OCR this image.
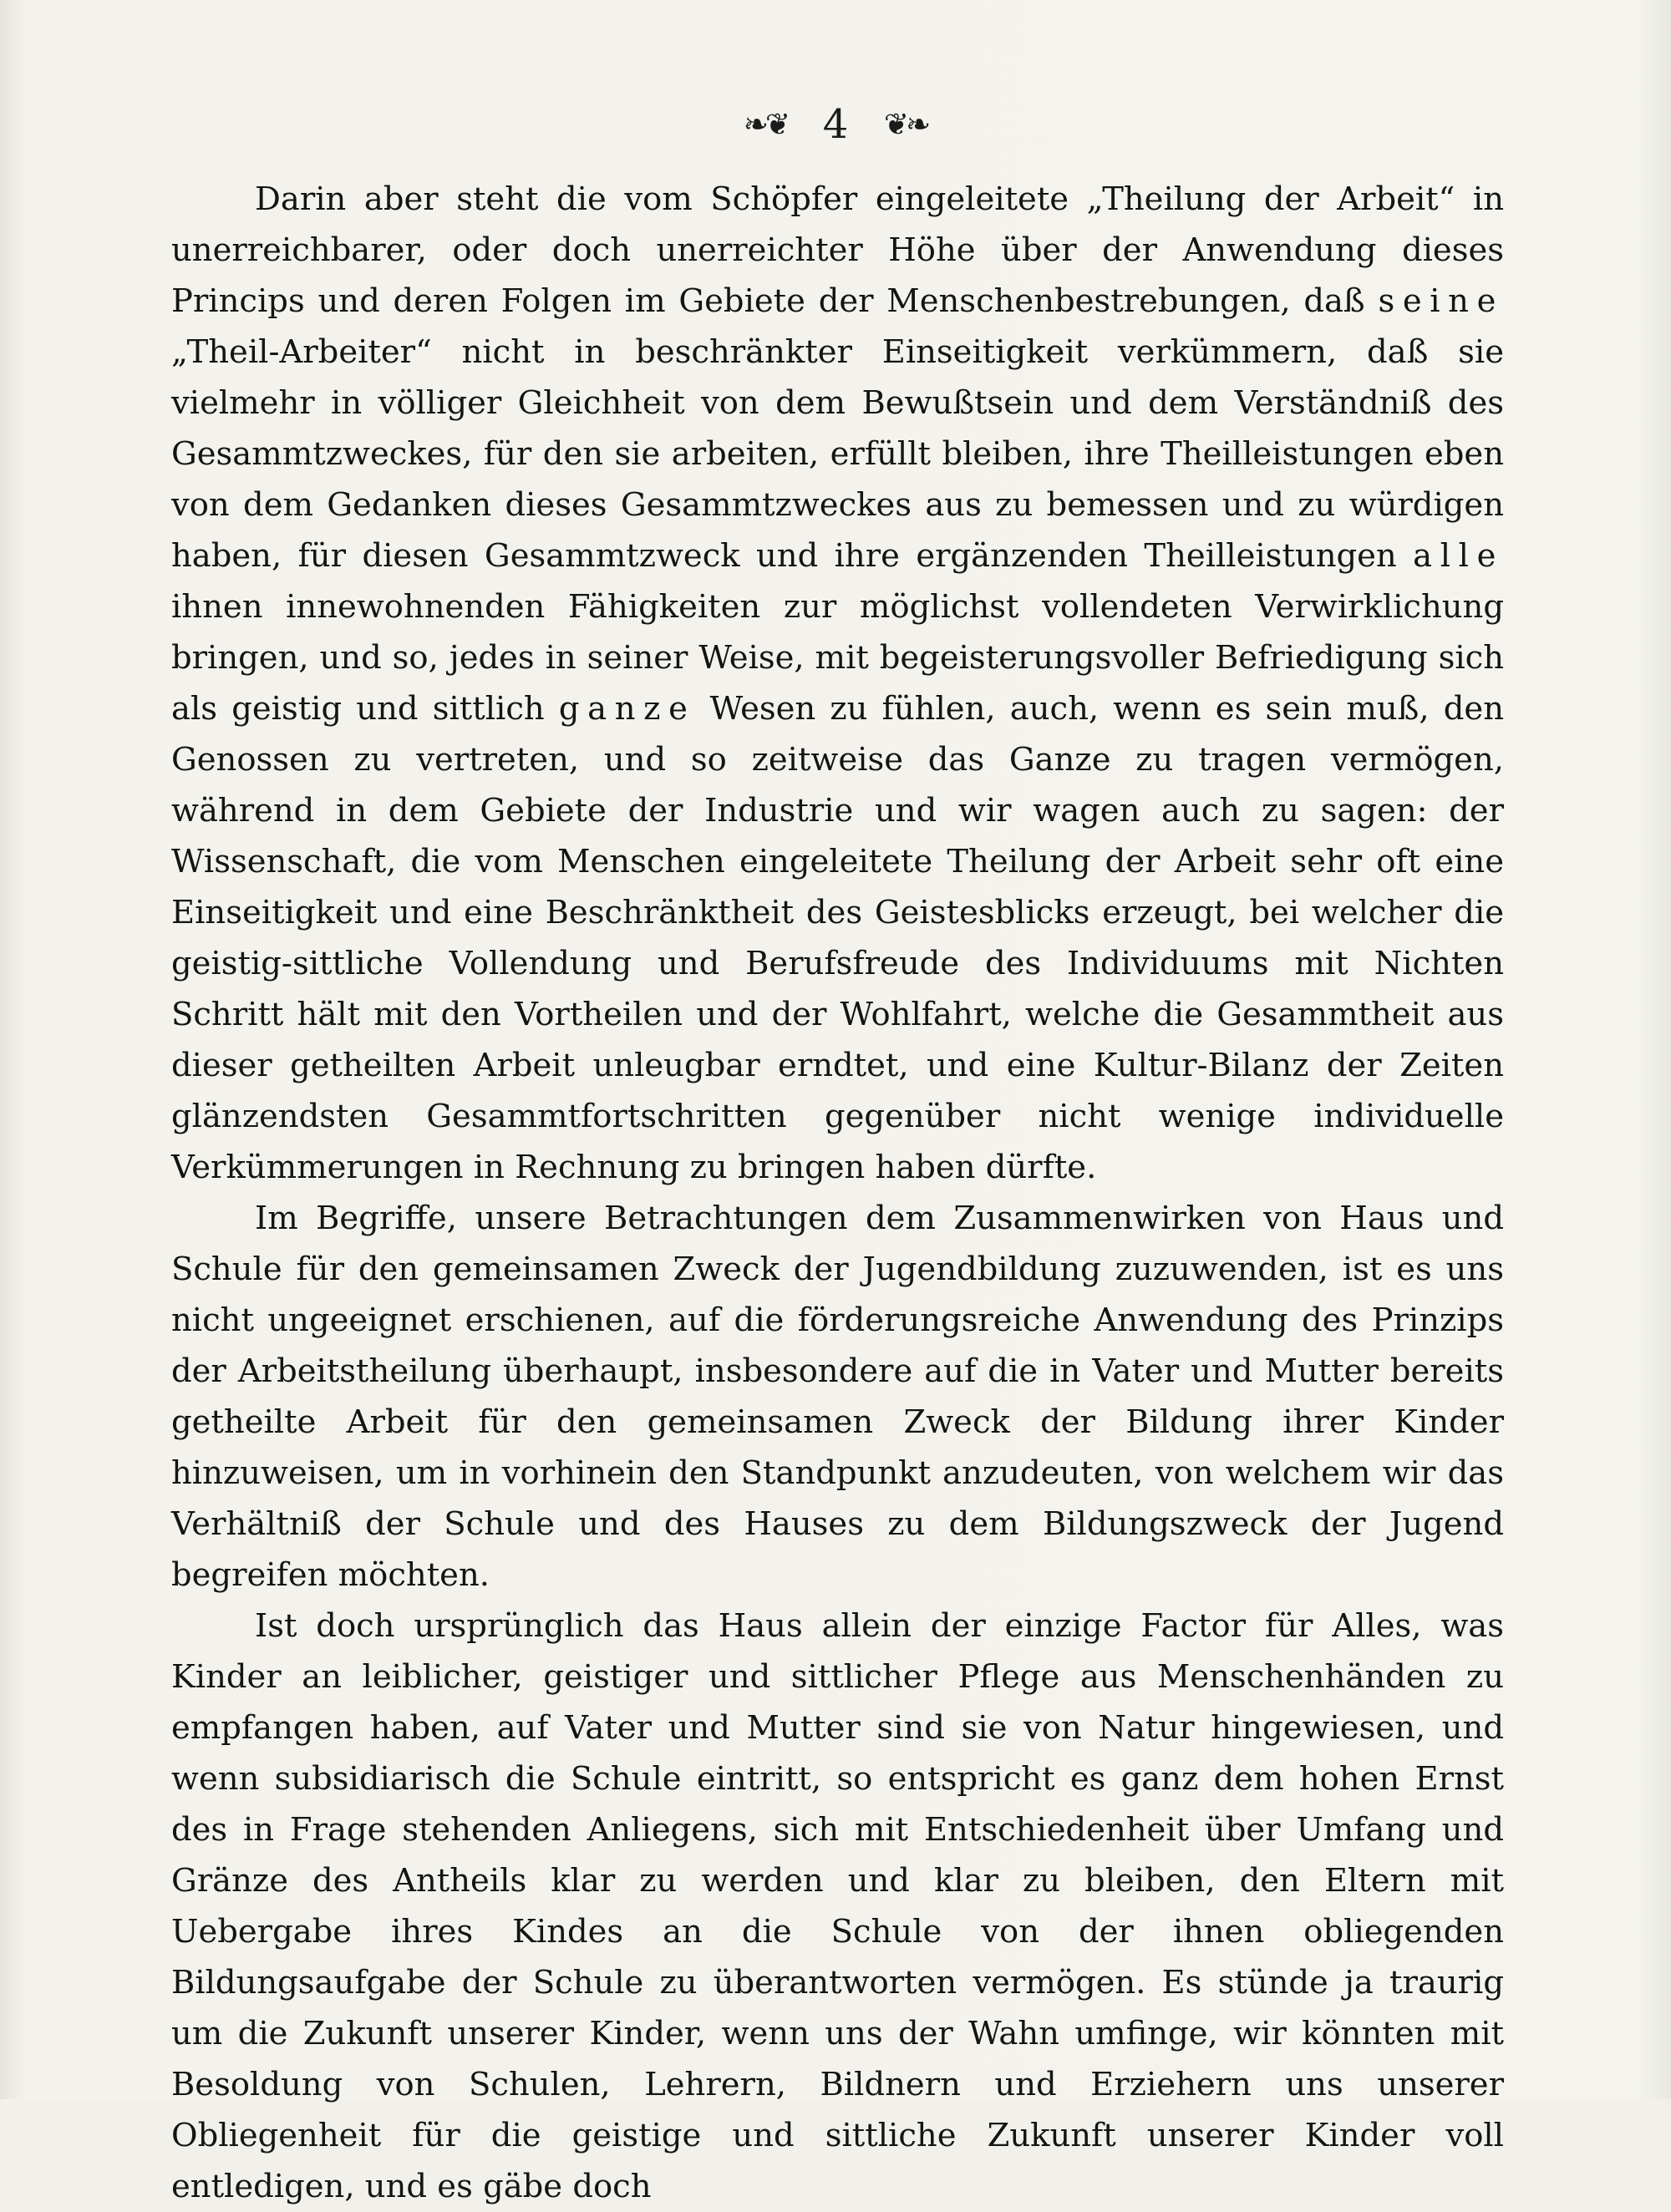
❧❦ 4 ❦❧

Darin aber steht die vom Schöpfer eingeleitete „Theilung der Arbeit“ in unerreichbarer, oder doch unerreichter Höhe über der Anwendung dieses Princips und deren Folgen im Gebiete der Menschenbestrebungen, daß seine „Theil-Arbeiter“ nicht in beschränkter Einseitigkeit verkümmern, daß sie vielmehr in völliger Gleichheit von dem Bewußtsein und dem Verständniß des Gesammtzweckes, für den sie arbeiten, erfüllt bleiben, ihre Theilleistungen eben von dem Gedanken dieses Gesammtzweckes aus zu bemessen und zu würdigen haben, für diesen Gesammtzweck und ihre ergänzenden Theilleistungen alle ihnen innewohnenden Fähigkeiten zur möglichst vollendeten Verwirklichung bringen, und so, jedes in seiner Weise, mit begeisterungsvoller Befriedigung sich als geistig und sittlich ganze Wesen zu fühlen, auch, wenn es sein muß, den Genossen zu vertreten, und so zeitweise das Ganze zu tragen vermögen, während in dem Gebiete der Industrie und wir wagen auch zu sagen: der Wissenschaft, die vom Menschen eingeleitete Theilung der Arbeit sehr oft eine Einseitigkeit und eine Beschränktheit des Geistesblicks erzeugt, bei welcher die geistig-sittliche Vollendung und Berufsfreude des Individuums mit Nichten Schritt hält mit den Vortheilen und der Wohlfahrt, welche die Gesammtheit aus dieser getheilten Arbeit unleugbar erndtet, und eine Kultur-Bilanz der Zeiten glänzendsten Gesammtfortschritten gegenüber nicht wenige individuelle Verkümmerungen in Rechnung zu bringen haben dürfte.

Im Begriffe, unsere Betrachtungen dem Zusammenwirken von Haus und Schule für den gemeinsamen Zweck der Jugendbildung zuzuwenden, ist es uns nicht ungeeignet erschienen, auf die förderungsreiche Anwendung des Prinzips der Arbeitstheilung überhaupt, insbesondere auf die in Vater und Mutter bereits getheilte Arbeit für den gemeinsamen Zweck der Bildung ihrer Kinder hinzuweisen, um in vorhinein den Standpunkt anzudeuten, von welchem wir das Verhältniß der Schule und des Hauses zu dem Bildungszweck der Jugend begreifen möchten.

Ist doch ursprünglich das Haus allein der einzige Factor für Alles, was Kinder an leiblicher, geistiger und sittlicher Pflege aus Menschenhänden zu empfangen haben, auf Vater und Mutter sind sie von Natur hingewiesen, und wenn subsidiarisch die Schule eintritt, so entspricht es ganz dem hohen Ernst des in Frage stehenden Anliegens, sich mit Entschiedenheit über Umfang und Gränze des Antheils klar zu werden und klar zu bleiben, den Eltern mit Uebergabe ihres Kindes an die Schule von der ihnen obliegenden Bildungsaufgabe der Schule zu überantworten vermögen. Es stünde ja traurig um die Zukunft unserer Kinder, wenn uns der Wahn umfinge, wir könnten mit Besoldung von Schulen, Lehrern, Bildnern und Erziehern uns unserer Obliegenheit für die geistige und sittliche Zukunft unserer Kinder voll entledigen, und es gäbe doch
